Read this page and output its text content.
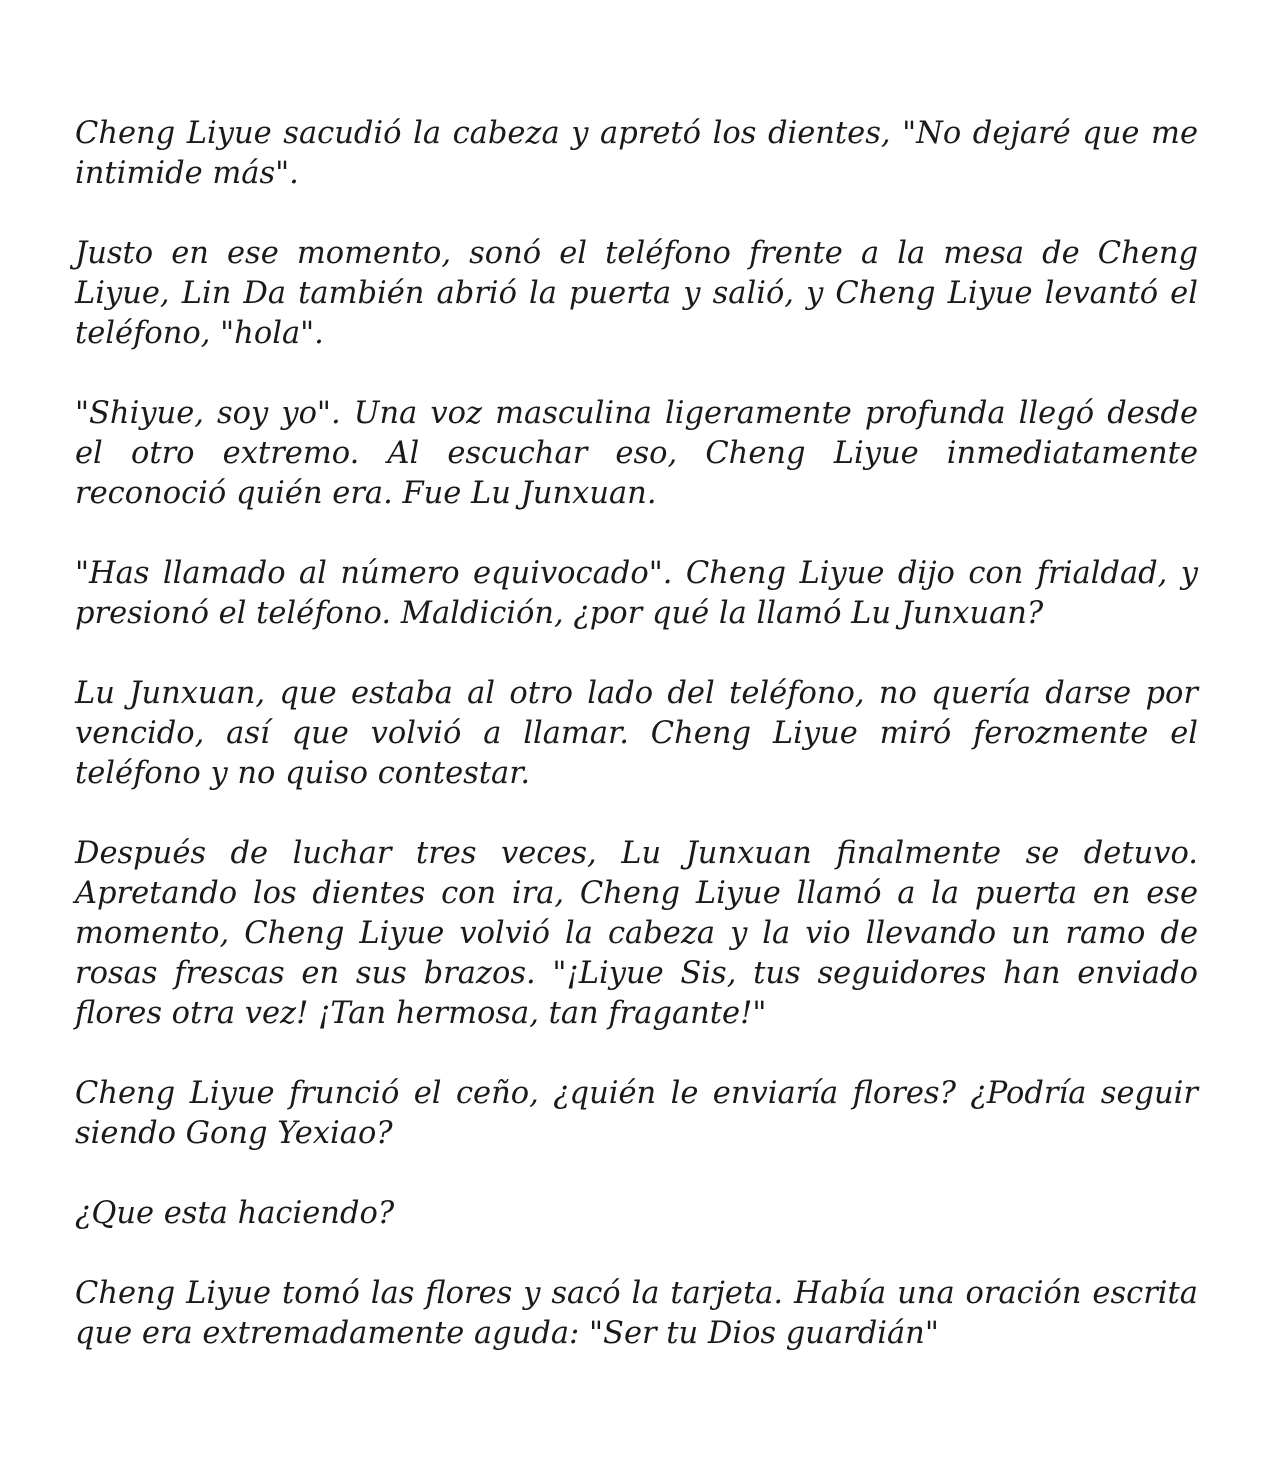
Cheng Liyue sacudió la cabeza y apretó los dientes, "No dejaré que me intimide más".

Justo en ese momento, sonó el teléfono frente a la mesa de Cheng Liyue, Lin Da también abrió la puerta y salió, y Cheng Liyue levantó el teléfono, "hola".

"Shiyue, soy yo". Una voz masculina ligeramente profunda llegó desde el otro extremo. Al escuchar eso, Cheng Liyue inmediatamente reconoció quién era. Fue Lu Junxuan.

"Has llamado al número equivocado". Cheng Liyue dijo con frialdad, y presionó el teléfono. Maldición, ¿por qué la llamó Lu Junxuan?

Lu Junxuan, que estaba al otro lado del teléfono, no quería darse por vencido, así que volvió a llamar. Cheng Liyue miró ferozmente el teléfono y no quiso contestar.

Después de luchar tres veces, Lu Junxuan finalmente se detuvo. Apretando los dientes con ira, Cheng Liyue llamó a la puerta en ese momento, Cheng Liyue volvió la cabeza y la vio llevando un ramo de rosas frescas en sus brazos. "¡Liyue Sis, tus seguidores han enviado flores otra vez! ¡Tan hermosa, tan fragante!"

Cheng Liyue frunció el ceño, ¿quién le enviaría flores? ¿Podría seguir siendo Gong Yexiao?

¿Que esta haciendo?

Cheng Liyue tomó las flores y sacó la tarjeta. Había una oración escrita que era extremadamente aguda: "Ser tu Dios guardián"
